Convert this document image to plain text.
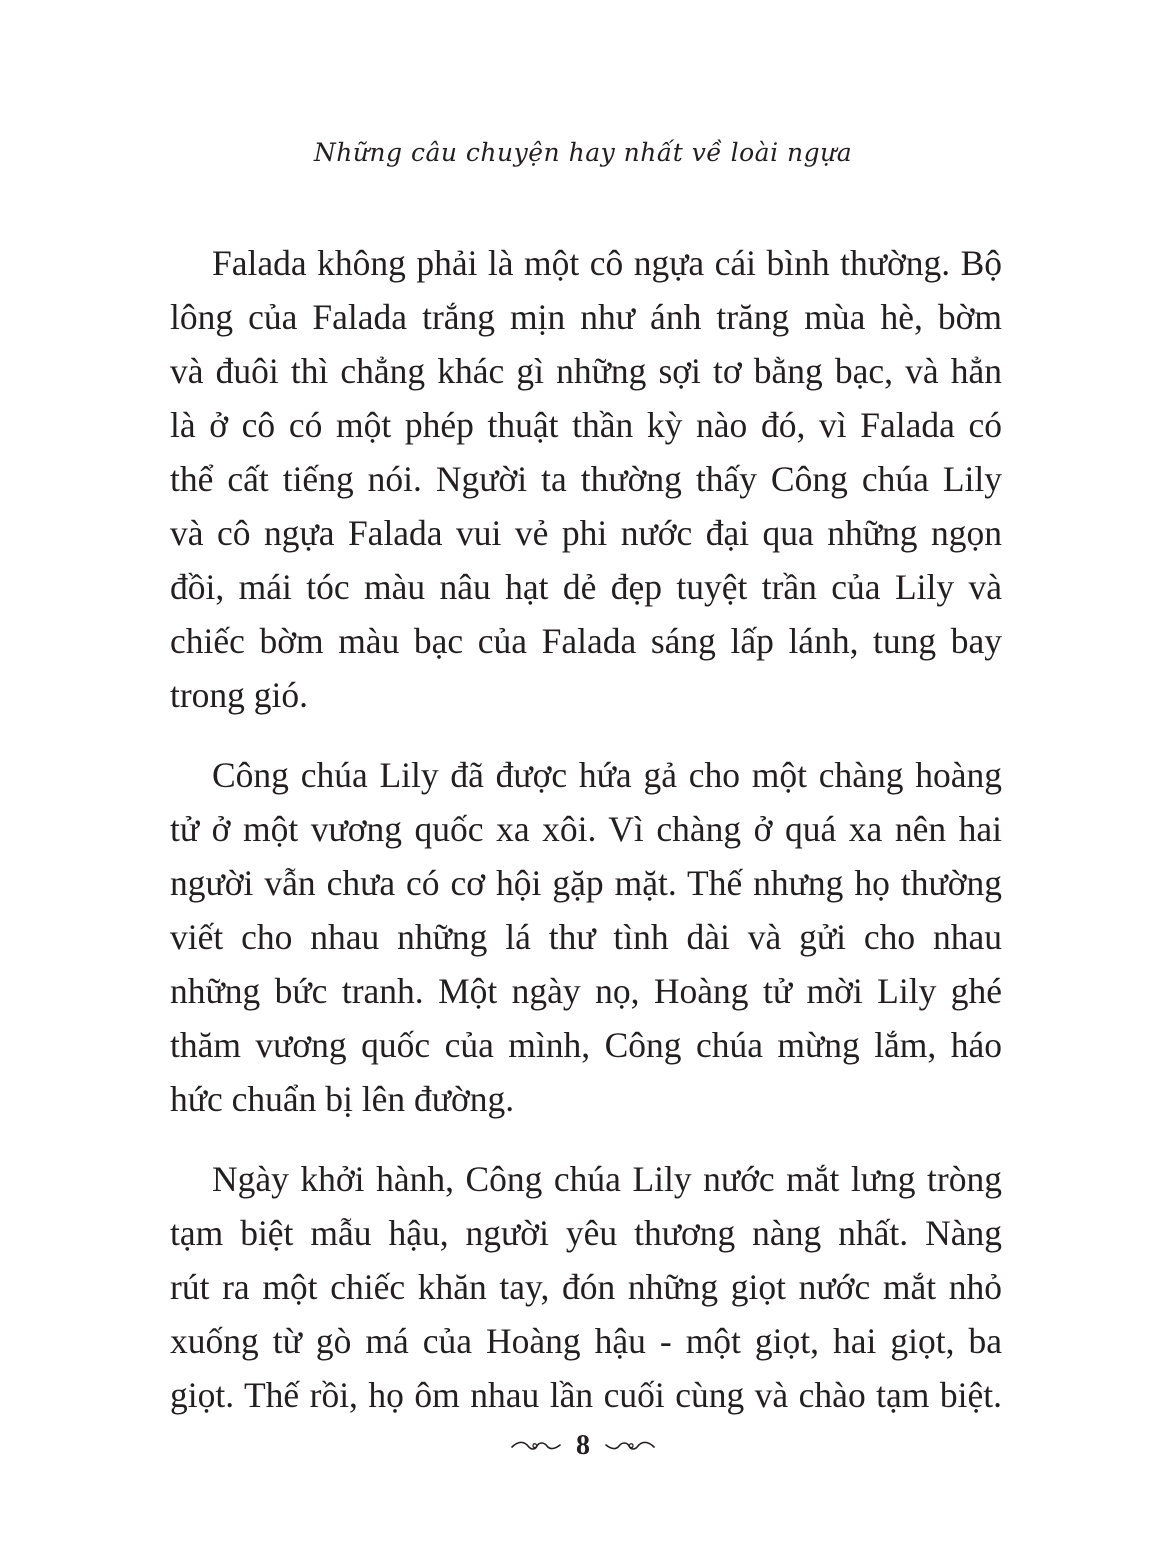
Những câu chuyện hay nhất về loài ngựa
Falada không phải là một cô ngựa cái bình thường. Bộ
lông của Falada trắng mịn như ánh trăng mùa hè, bờm
và đuôi thì chẳng khác gì những sợi tơ bằng bạc, và hẳn
là ở cô có một phép thuật thần kỳ nào đó, vì Falada có
thể cất tiếng nói. Người ta thường thấy Công chúa Lily
và cô ngựa Falada vui vẻ phi nước đại qua những ngọn
đồi, mái tóc màu nâu hạt dẻ đẹp tuyệt trần của Lily và
chiếc bờm màu bạc của Falada sáng lấp lánh, tung bay
trong gió.
Công chúa Lily đã được hứa gả cho một chàng hoàng
tử ở một vương quốc xa xôi. Vì chàng ở quá xa nên hai
người vẫn chưa có cơ hội gặp mặt. Thế nhưng họ thường
viết cho nhau những lá thư tình dài và gửi cho nhau
những bức tranh. Một ngày nọ, Hoàng tử mời Lily ghé
thăm vương quốc của mình, Công chúa mừng lắm, háo
hức chuẩn bị lên đường.
Ngày khởi hành, Công chúa Lily nước mắt lưng tròng
tạm biệt mẫu hậu, người yêu thương nàng nhất. Nàng
rút ra một chiếc khăn tay, đón những giọt nước mắt nhỏ
xuống từ gò má của Hoàng hậu - một giọt, hai giọt, ba
giọt. Thế rồi, họ ôm nhau lần cuối cùng và chào tạm biệt.
8
